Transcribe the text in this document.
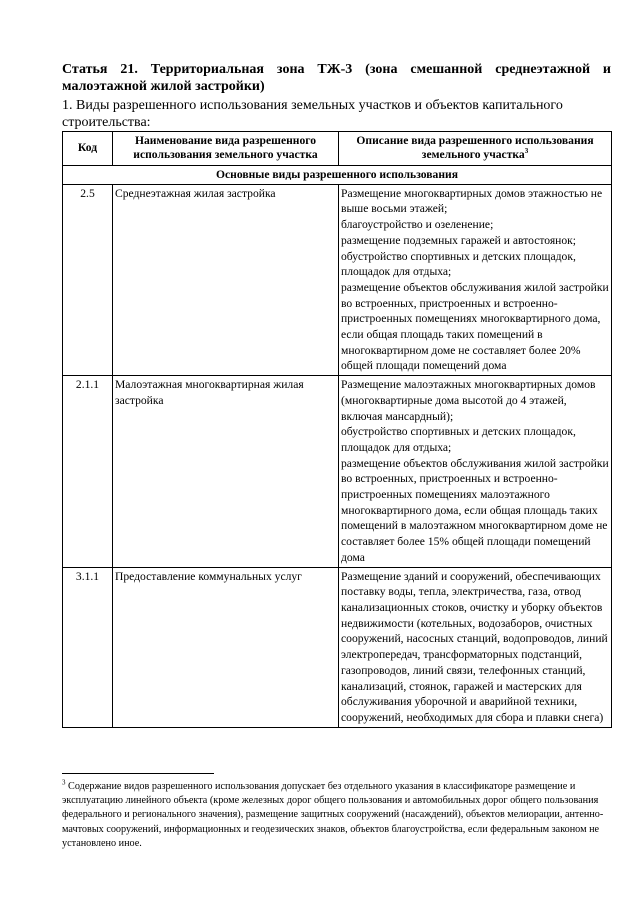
Статья 21. Территориальная зона ТЖ-3 (зона смешанной среднеэтажной и малоэтажной жилой застройки)
1. Виды разрешенного использования земельных участков и объектов капитального строительства:
Код	Наименование вида разрешенного использования земельного участка	Описание вида разрешенного использования земельного участка$^3$
Основные виды разрешенного использования		
2.5	Среднеэтажная жилая застройка	Размещение многоквартирных домов этажностью не выше восьми этажей;
благоустройство и озеленение;
размещение подземных гаражей и автостоянок;
обустройство спортивных и детских площадок, площадок для отдыха;
размещение объектов обслуживания жилой застройки во встроенных, пристроенных и встроенно-пристроенных помещениях многоквартирного дома, если общая площадь таких помещений в многоквартирном доме не составляет более 20% общей площади помещений дома

2.1.1	Малоэтажная многоквартирная жилая застройка	Размещение малоэтажных многоквартирных домов (многоквартирные дома высотой до 4 этажей, включая мансардный);
обустройство спортивных и детских площадок, площадок для отдыха;
размещение объектов обслуживания жилой застройки во встроенных, пристроенных и встроенно-пристроенных помещениях малоэтажного многоквартирного дома, если общая площадь таких помещений в малоэтажном многоквартирном доме не составляет более 15% общей площади помещений дома

3.1.1	Предоставление коммунальных услуг	Размещение зданий и сооружений, обеспечивающих поставку воды, тепла, электричества, газа, отвод канализационных стоков, очистку и уборку объектов недвижимости (котельных, водозаборов, очистных сооружений, насосных станций, водопроводов, линий электропередач, трансформаторных подстанций, газопроводов, линий связи, телефонных станций, канализаций, стоянок, гаражей и мастерских для обслуживания уборочной и аварийной техники, сооружений, необходимых для сбора и плавки снега)
$^3$ Содержание видов разрешенного использования допускает без отдельного указания в классификаторе размещение и эксплуатацию линейного объекта (кроме железных дорог общего пользования и автомобильных дорог общего пользования федерального и регионального значения), размещение защитных сооружений (насаждений), объектов мелиорации, антенно-мачтовых сооружений, информационных и геодезических знаков, объектов благоустройства, если федеральным законом не установлено иное.
